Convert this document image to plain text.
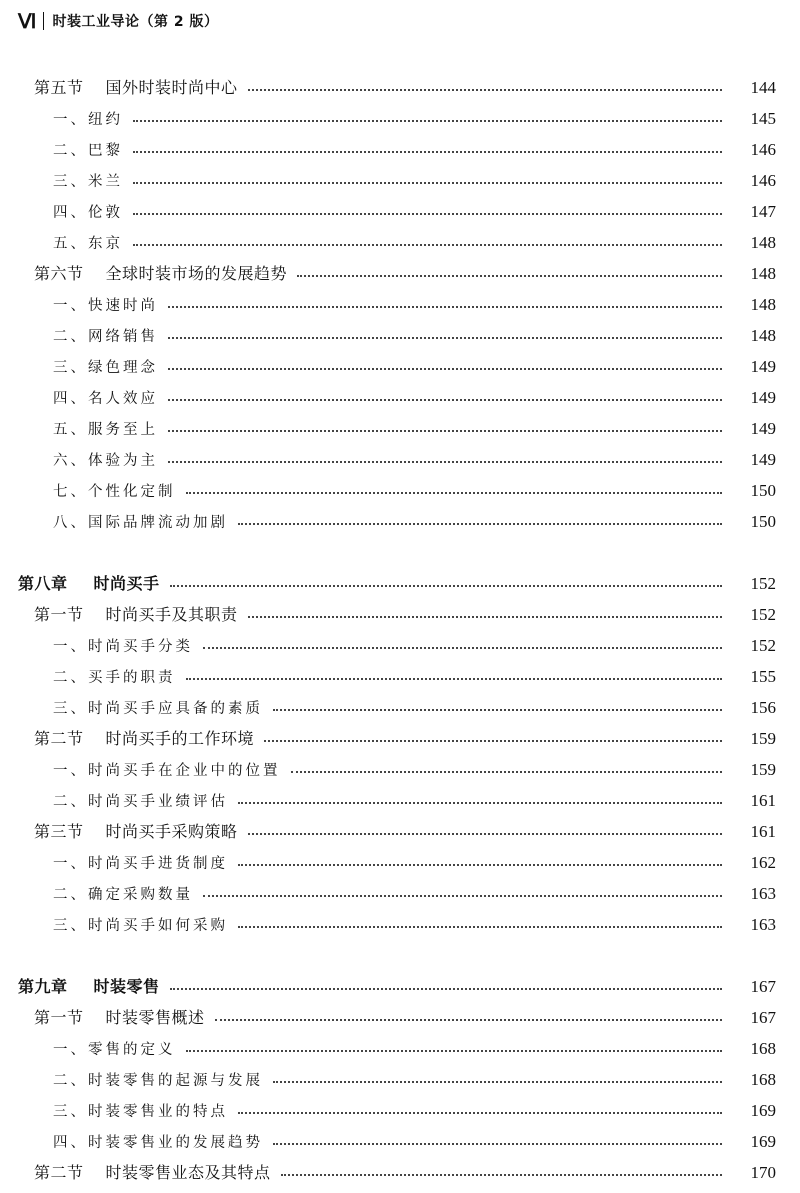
Ⅵ 时装工业导论（第 2 版）
第五节 国外时装时尚中心	144
一、纽约	145
二、巴黎	146
三、米兰	146
四、伦敦	147
五、东京	148
第六节 全球时装市场的发展趋势	148
一、快速时尚	148
二、网络销售	148
三、绿色理念	149
四、名人效应	149
五、服务至上	149
六、体验为主	149
七、个性化定制	150
八、国际品牌流动加剧	150
第八章 时尚买手	152
第一节 时尚买手及其职责	152
一、时尚买手分类	152
二、买手的职责	155
三、时尚买手应具备的素质	156
第二节 时尚买手的工作环境	159
一、时尚买手在企业中的位置	159
二、时尚买手业绩评估	161
第三节 时尚买手采购策略	161
一、时尚买手进货制度	162
二、确定采购数量	163
三、时尚买手如何采购	163
第九章 时装零售	167
第一节 时装零售概述	167
一、零售的定义	168
二、时装零售的起源与发展	168
三、时装零售业的特点	169
四、时装零售业的发展趋势	169
第二节 时装零售业态及其特点	170
